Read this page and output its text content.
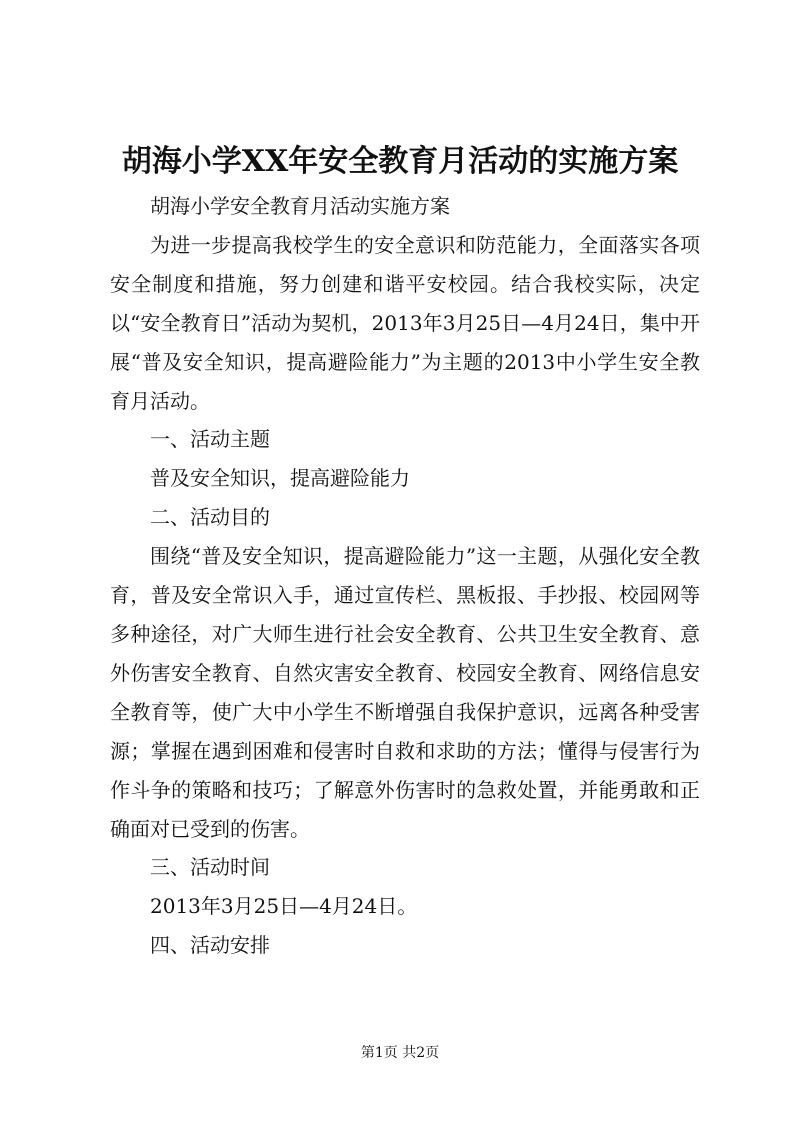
胡海小学XX年安全教育月活动的实施方案

胡海小学安全教育月活动实施方案

为进一步提高我校学生的安全意识和防范能力，全面落实各项安全制度和措施，努力创建和谐平安校园。结合我校实际，决定以“安全教育日”活动为契机，2013年3月25日—4月24日，集中开展“普及安全知识，提高避险能力”为主题的2013中小学生安全教育月活动。

一、活动主题

普及安全知识，提高避险能力

二、活动目的

围绕“普及安全知识，提高避险能力”这一主题，从强化安全教育，普及安全常识入手，通过宣传栏、黑板报、手抄报、校园网等多种途径，对广大师生进行社会安全教育、公共卫生安全教育、意外伤害安全教育、自然灾害安全教育、校园安全教育、网络信息安全教育等，使广大中小学生不断增强自我保护意识，远离各种受害源；掌握在遇到困难和侵害时自救和求助的方法；懂得与侵害行为作斗争的策略和技巧；了解意外伤害时的急救处置，并能勇敢和正确面对已受到的伤害。

三、活动时间

2013年3月25日—4月24日。

四、活动安排

第1页 共2页
